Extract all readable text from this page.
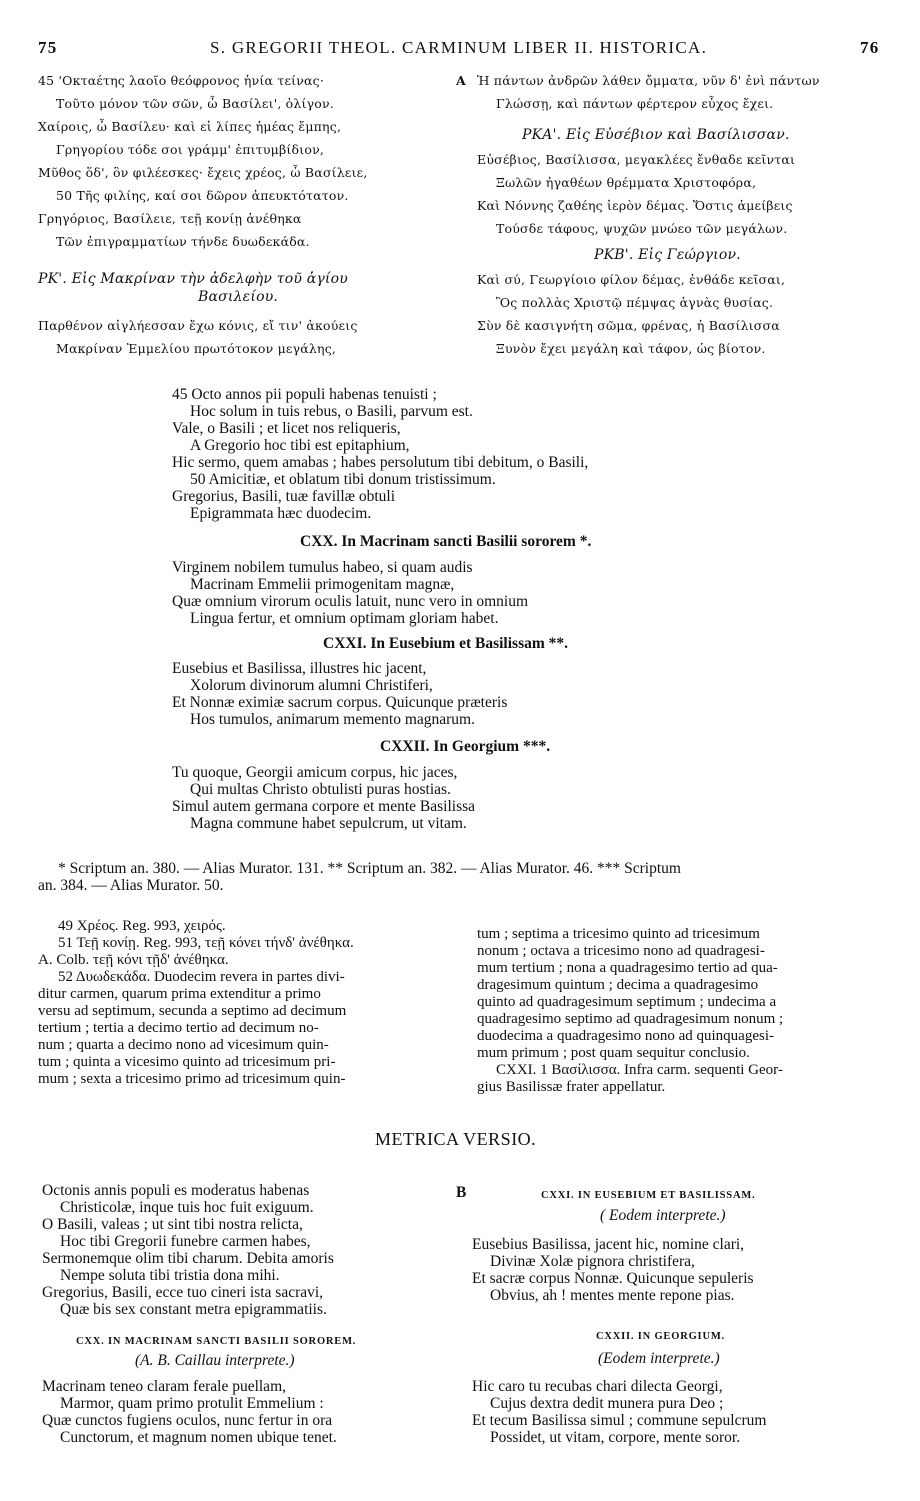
75	S. GREGORII THEOL. CARMINUM LIBER II. HISTORICA.	76
45 'Οκταέτης λαοῖο θεόφρονος ἡνία τείνας·
Τοῦτο μόνον τῶν σῶν, ὦ Βασίλει', ὀλίγον.
Χαίροις, ὦ Βασίλευ· καὶ εἰ λίπες ἡμέας ἔμπης,
Γρηγορίου τόδε σοι γράμμ' ἐπιτυμβίδιον,
Μῦθος ὅδ', ὃν φιλέεσκες· ἔχεις χρέος, ὦ Βασίλειε,
50 Τῆς φιλίης, καί σοι δῶρον ἀπευκτότατον.
Γρηγόριος, Βασίλειε, τεῇ κονίῃ ἀνέθηκα
Τῶν ἐπιγραμματίων τήνδε δυωδεκάδα.
ΡΚ'. Εἰς Μακρίναν τὴν ἀδελφὴν τοῦ ἁγίου
Βασιλείου.
Παρθένον αἰγλήεσσαν ἔχω κόνις, εἴ τιν' ἀκούεις
Μακρίναν Ἐμμελίου πρωτότοκον μεγάλης,
A Ἡ πάντων ἀνδρῶν λάθεν ὄμματα, νῦν δ' ἐνὶ πάντων
Γλώσσῃ, καὶ πάντων φέρτερον εὖχος ἔχει.
ΡΚΑ'. Εἰς Εὐσέβιον καὶ Βασίλισσαν.
Εὐσέβιος, Βασίλισσα, μεγακλέες ἔνθαδε κεῖνται
Ξωλῶν ἠγαθέων θρέμματα Χριστοφόρα,
Καὶ Νόννης ζαθέης ἱερὸν δέμας. Ὅστις ἀμείβεις
Τούσδε τάφους, ψυχῶν μνώεο τῶν μεγάλων.
ΡΚΒ'. Εἰς Γεώργιον.
Καὶ σύ, Γεωργίοιο φίλον δέμας, ἐνθάδε κεῖσαι,
Ὃς πολλὰς Χριστῷ πέμψας ἁγνὰς θυσίας.
Σὺν δὲ κασιγνήτη σῶμα, φρένας, ἡ Βασίλισσα
Ξυνὸν ἔχει μεγάλη καὶ τάφον, ὡς βίοτον.
45 Octo annos pii populi habenas tenuisti ;
Hoc solum in tuis rebus, o Basili, parvum est.
Vale, o Basili ; et licet nos reliqueris,
A Gregorio hoc tibi est epitaphium,
Hic sermo, quem amabas ; habes persolutum tibi debitum, o Basili,
50 Amicitiæ, et oblatum tibi donum tristissimum.
Gregorius, Basili, tuæ favillæ obtuli
Epigrammata hæc duodecim.
CXX. In Macrinam sancti Basilii sororem *.
Virginem nobilem tumulus habeo, si quam audis
Macrinam Emmelii primogenitam magnæ,
Quæ omnium virorum oculis latuit, nunc vero in omnium
Lingua fertur, et omnium optimam gloriam habet.
CXXI. In Eusebium et Basilissam **.
Eusebius et Basilissa, illustres hic jacent,
Xolorum divinorum alumni Christiferi,
Et Nonnæ eximiæ sacrum corpus. Quicunque præteris
Hos tumulos, animarum memento magnarum.
CXXII. In Georgium ***.
Tu quoque, Georgii amicum corpus, hic jaces,
Qui multas Christo obtulisti puras hostias.
Simul autem germana corpore et mente Basilissa
Magna commune habet sepulcrum, ut vitam.
* Scriptum an. 380. — Alias Murator. 131. ** Scriptum an. 382. — Alias Murator. 46. *** Scriptum
an. 384. — Alias Murator. 50.
49 Χρέος. Reg. 993, χειρός.
51 Τεῇ κονίῃ. Reg. 993, τεῇ κόνει τήνδ' ἀνέθηκα.
A. Colb. τεῇ κόνι τῇδ' ἀνέθηκα.
52 Δυωδεκάδα. Duodecim revera in partes divi-
ditur carmen, quarum prima extenditur a primo
versu ad septimum, secunda a septimo ad decimum
tertium ; tertia a decimo tertio ad decimum no-
num ; quarta a decimo nono ad vicesimum quin-
tum ; quinta a vicesimo quinto ad tricesimum pri-
mum ; sexta a tricesimo primo ad tricesimum quin-
tum ; septima a tricesimo quinto ad tricesimum
nonum ; octava a tricesimo nono ad quadragesi-
mum tertium ; nona a quadragesimo tertio ad qua-
dragesimum quintum ; decima a quadragesimo
quinto ad quadragesimum septimum ; undecima a
quadragesimo septimo ad quadragesimum nonum ;
duodecima a quadragesimo nono ad quinquagesi-
mum primum ; post quam sequitur conclusio.
CXXI. 1 Βασίλισσα. Infra carm. sequenti Geor-
gius Basilissæ frater appellatur.
METRICA VERSIO.
Octonis annis populi es moderatus habenas
Christicolæ, inque tuis hoc fuit exiguum.
O Basili, valeas ; ut sint tibi nostra relicta,
Hoc tibi Gregorii funebre carmen habes,
Sermonemque olim tibi charum. Debita amoris
Nempe soluta tibi tristia dona mihi.
Gregorius, Basili, ecce tuo cineri ista sacravi,
Quæ bis sex constant metra epigrammatiis.
CXX. IN MACRINAM SANCTI BASILII SOROREM.
(A. B. Caillau interprete.)
Macrinam teneo claram ferale puellam,
Marmor, quam primo protulit Emmelium :
Quæ cunctos fugiens oculos, nunc fertur in ora
Cunctorum, et magnum nomen ubique tenet.
B	CXXI. IN EUSEBIUM ET BASILISSAM.
( Eodem interprete.)
Eusebius Basilissa, jacent hic, nomine clari,
Divinæ Xolæ pignora christifera,
Et sacræ corpus Nonnæ. Quicunque sepuleris
Obvius, ah ! mentes mente repone pias.
CXXII. IN GEORGIUM.
(Eodem interprete.)
Hic caro tu recubas chari dilecta Georgi,
Cujus dextra dedit munera pura Deo ;
Et tecum Basilissa simul ; commune sepulcrum
Possidet, ut vitam, corpore, mente soror.
